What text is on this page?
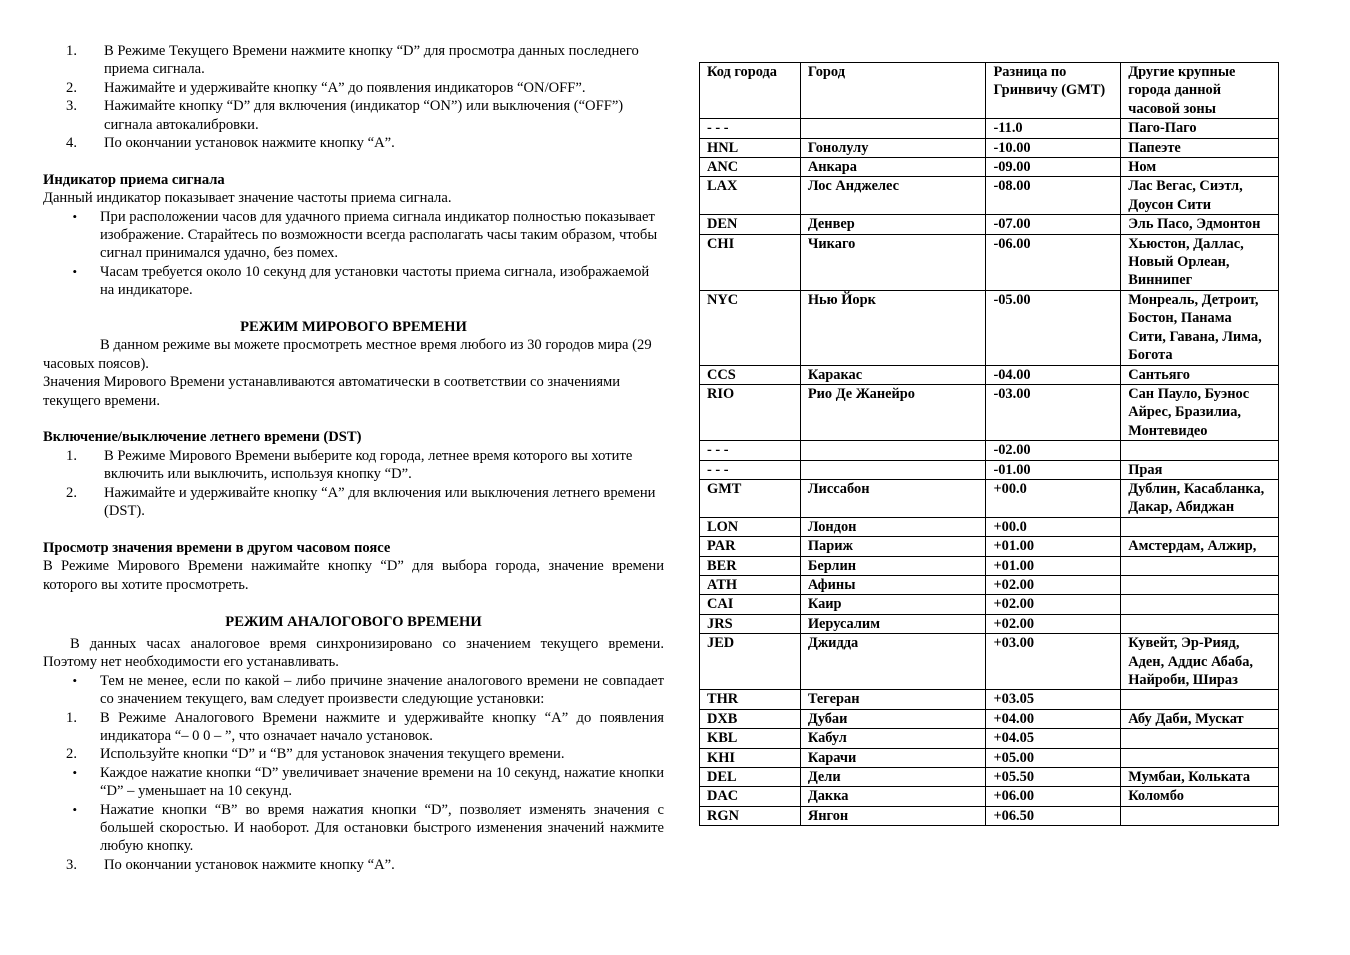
1.	В Режиме Текущего Времени нажмите кнопку “D” для просмотра данных последнего приема сигнала.
2.	Нажимайте и удерживайте кнопку “A” до появления индикаторов “ON/OFF”.
3.	Нажимайте кнопку “D” для включения (индикатор “ON”) или выключения (“OFF”) сигнала автокалибровки.
4.	По окончании установок нажмите кнопку “A”.
Индикатор приема сигнала
Данный индикатор показывает значение частоты приема сигнала.
•	При расположении часов для удачного приема сигнала индикатор полностью показывает изображение. Старайтесь по возможности всегда располагать часы таким образом, чтобы сигнал принимался удачно, без помех.
•	Часам требуется около 10 секунд для установки частоты приема сигнала, изображаемой на индикаторе.
РЕЖИМ МИРОВОГО ВРЕМЕНИ
В данном режиме вы можете просмотреть местное время любого из 30 городов мира (29 часовых поясов).
Значения Мирового Времени устанавливаются автоматически в соответствии со значениями текущего времени.
Включение/выключение летнего времени (DST)
1.	В Режиме Мирового Времени выберите код города, летнее время которого вы хотите включить или выключить, используя кнопку “D”.
2.	Нажимайте и удерживайте кнопку “A” для включения или выключения летнего времени (DST).
Просмотр значения времени в другом часовом поясе
В Режиме Мирового Времени нажимайте кнопку “D” для выбора города, значение времени которого вы хотите просмотреть.
РЕЖИМ АНАЛОГОВОГО ВРЕМЕНИ
В данных часах аналоговое время синхронизировано со значением текущего времени. Поэтому нет необходимости его устанавливать.
•	Тем не менее, если по какой – либо причине значение аналогового времени не совпадает со значением текущего, вам следует произвести следующие установки:
1.	В Режиме Аналогового Времени нажмите и удерживайте кнопку “A” до появления индикатора “– 0 0 – ”, что означает начало установок.
2.	Используйте кнопки “D” и “B” для установок значения текущего времени.
•	Каждое нажатие кнопки “D” увеличивает значение времени на 10 секунд, нажатие кнопки “D” – уменьшает на 10 секунд.
•	Нажатие кнопки “B” во время нажатия кнопки “D”, позволяет изменять значения с большей скоростью. И наоборот. Для остановки быстрого изменения значений нажмите любую кнопку.
3.	По окончании установок нажмите кнопку “A”.
Код города	Город	Разница по Гринвичу (GMT)	Другие крупные города данной часовой зоны
- - -		-11.0	Паго-Паго
HNL	Гонолулу	-10.00	Папеэте
ANC	Анкара	-09.00	Ном
LAX	Лос Анджелес	-08.00	Лас Вегас, Сиэтл, Доусон Сити
DEN	Денвер	-07.00	Эль Пасо, Эдмонтон
CHI	Чикаго	-06.00	Хьюстон, Даллас, Новый Орлеан, Виннипег
NYC	Нью Йорк	-05.00	Монреаль, Детроит, Бостон, Панама Сити, Гавана, Лима, Богота
CCS	Каракас	-04.00	Сантьяго
RIO	Рио Де Жанейро	-03.00	Сан Пауло, Буэнос Айрес, Бразилиа, Монтевидео
- - -		-02.00	
- - -		-01.00	Прая
GMT	Лиссабон	+00.0	Дублин, Касабланка, Дакар, Абиджан
LON	Лондон	+00.0	
PAR	Париж	+01.00	Амстердам, Алжир,
BER	Берлин	+01.00	
ATH	Афины	+02.00	
CAI	Каир	+02.00	
JRS	Иерусалим	+02.00	
JED	Джидда	+03.00	Кувейт, Эр-Рияд, Аден, Аддис Абаба, Найроби, Шираз
THR	Тегеран	+03.05	
DXB	Дубаи	+04.00	Абу Даби, Мускат
KBL	Кабул	+04.05	
KHI	Карачи	+05.00	
DEL	Дели	+05.50	Мумбаи, Кольката
DAC	Дакка	+06.00	Коломбо
RGN	Янгон	+06.50	
